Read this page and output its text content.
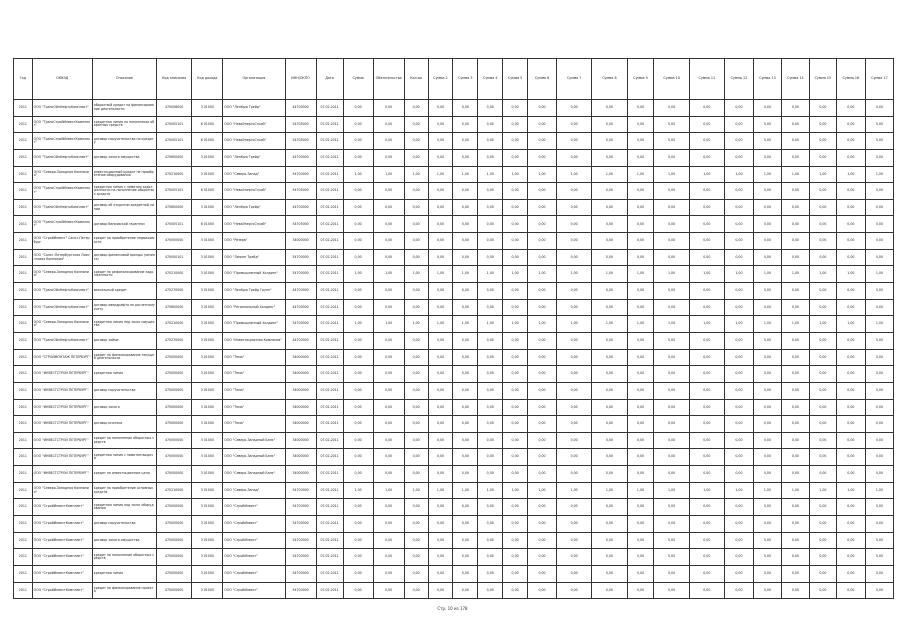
Год	ОКВЭД	Описание	Код описания	Код дохода	Организация	ИНН/ОКПО	Дата	Сумма	Обязательства	Кол-во	Сумма 2	Сумма 3	Сумма 4	Сумма 5	Сумма 6	Сумма 7	Сумма 8	Сумма 9	Сумма 10	Сумма 11	Сумма 12	Сумма 13	Сумма 14	Сумма 15	Сумма 16	Сумма 17
2011	ООО "ТрансОйлНефтьКомплект"	оборотный кредит на финансирование деятельности	470006000	3 01000	ООО "ЛенКрю Трейд"	44700000	07.02.2011	0,00	0,00	0,00	0,00	0,00	0,00	0,00	0,00	0,00	0,00	0,00	0,00	0,00	0,00	0,00	0,00	0,00	0,00	0,00
2011	ООО "ТрансСтройИнвестКомплект"	кредитная линия на пополнение оборотных средств	470005101	6 01000	ООО "НеваЭнергоСтрой"	54705000	07.02.2011	0,00	0,00	0,00	0,00	0,00	0,00	0,00	0,00	0,00	0,00	0,00	0,00	0,00	0,00	0,00	0,00	0,00	0,00	0,00
2011	ООО "ТрансСтройИнвестКомплект"	договор поручительства по кредиту	470005101	6 01000	ООО "НеваЭнергоСтрой"	54705000	07.02.2011	0,00	0,00	0,00	0,00	0,00	0,00	0,00	0,00	0,00	0,00	0,00	0,00	0,00	0,00	0,00	0,00	0,00	0,00	0,00
2011	ООО "ТрансОйлНефтьКомплект"	договор залога имущества	470600000	3 01000	ООО "ЛенКрю Трейд"	44700000	07.02.2011	0,00	0,00	0,00	0,00	0,00	0,00	0,00	0,00	0,00	0,00	0,00	0,00	0,00	0,00	0,00	0,00	0,00	0,00	0,00
2011	ООО "Северо-Западная Компания"	инвестиционный кредит на приобретение оборудования	470210000	3 01000	ООО "Северо-Запад"	54700000	07.02.2011	1,00	1,00	1,00	1,00	1,00	1,00	1,00	1,00	1,00	1,00	1,00	1,00	1,00	1,00	1,00	1,00	1,00	1,00	1,00
2011	ООО "ТрансСтройИнвестКомплект"	кредитная линия с лимитом задолженности на пополнение оборотных средств	470005101	6 01000	ООО "НеваЭнергоСтрой"	54705000	07.02.2011	0,00	0,00	0,00	0,00	0,00	0,00	0,00	0,00	0,00	0,00	0,00	0,00	0,00	0,00	0,00	0,00	0,00	0,00	0,00
2011	ООО "ТрансОйлНефтьКомплект"	договор об открытии кредитной линии	470600000	3 01000	ООО "ЛенКрю Трейд"	44700000	07.02.2011	0,00	0,00	0,00	0,00	0,00	0,00	0,00	0,00	0,00	0,00	0,00	0,00	0,00	0,00	0,00	0,00	0,00	0,00	0,00
2011	ООО "ТрансСтройИнвестКомплект"	договор банковской гарантии	470005101	6 01000	ООО "НеваЭнергоСтрой"	54705000	07.02.2011	0,00	0,00	0,00	0,00	0,00	0,00	0,00	0,00	0,00	0,00	0,00	0,00	0,00	0,00	0,00	0,00	0,00	0,00	0,00
2011	ООО "СтройИнвест" Санкт-Петербург	кредит на приобретение недвижимости	470000000	3 01000	ООО "Резерв"	34000000	07.02.2011	0,00	0,00	0,00	0,00	0,00	0,00	0,00	0,00	0,00	0,00	0,00	0,00	0,00	0,00	0,00	0,00	0,00	0,00	0,00
2011	ООО "Санкт-Петербургская Лизинговая Компания"	договор финансовой аренды (лизинга)	470000101	3 01000	ООО "Лизинг Трейд"	54700000	07.02.2011	0,00	0,00	0,00	0,00	0,00	0,00	0,00	0,00	0,00	0,00	0,00	0,00	0,00	0,00	0,00	0,00	0,00	0,00	0,00
2011	ООО "Северо-Западная Компания"	кредит на рефинансирование задолженности	470210000	3 01000	ООО "Промышленный Холдинг"	54700000	07.02.2011	1,00	1,00	1,00	1,00	1,00	1,00	1,00	1,00	1,00	1,00	1,00	1,00	1,00	1,00	1,00	1,00	1,00	1,00	1,00
2011	ООО "ТрансОйлНефтьКомплект"	вексельный кредит	470270000	3 01000	ООО "ЛенКрю Трейд Групп"	44700000	07.02.2011	0,00	0,00	0,00	0,00	0,00	0,00	0,00	0,00	0,00	0,00	0,00	0,00	0,00	0,00	0,00	0,00	0,00	0,00	0,00
2011	ООО "ТрансОйлНефтьКомплект"	договор овердрафта по расчетному счету	470600000	3 01000	ООО "Региональный Холдинг"	44700000	07.02.2011	0,00	0,00	0,00	0,00	0,00	0,00	0,00	0,00	0,00	0,00	0,00	0,00	0,00	0,00	0,00	0,00	0,00	0,00	0,00
2011	ООО "Северо-Западная Компания"	кредитная линия под залог имущества	470210000	3 01000	ООО "Промышленный Холдинг"	54700000	07.02.2011	1,00	1,00	1,00	1,00	1,00	1,00	1,00	1,00	1,00	1,00	1,00	1,00	1,00	1,00	1,00	1,00	1,00	1,00	1,00
2011	ООО "ТрансОйлНефтьКомплект"	договор займа	470270000	3 01000	ООО "Инвестиционная Компания"	44700000	07.02.2011	0,00	0,00	0,00	0,00	0,00	0,00	0,00	0,00	0,00	0,00	0,00	0,00	0,00	0,00	0,00	0,00	0,00	0,00	0,00
2011	ООО "СТРОЙМОНТАЖ ПЕТЕРБУРГ"	кредит на финансирование текущей деятельности	470000000	3 01000	ООО "Тема"	34000000	07.02.2011	0,00	0,00	0,00	0,00	0,00	0,00	0,00	0,00	0,00	0,00	0,00	0,00	0,00	0,00	0,00	0,00	0,00	0,00	0,00
2011	ООО "ИНВЕСТСТРОЙ ПЕТЕРБУРГ"	кредитная линия	470000000	3 01000	ООО "Тема"	34000000	07.02.2011	0,00	0,00	0,00	0,00	0,00	0,00	0,00	0,00	0,00	0,00	0,00	0,00	0,00	0,00	0,00	0,00	0,00	0,00	0,00
2011	ООО "ИНВЕСТСТРОЙ ПЕТЕРБУРГ"	договор поручительства	470000000	3 01000	ООО "Тема"	34000000	07.02.2011	0,00	0,00	0,00	0,00	0,00	0,00	0,00	0,00	0,00	0,00	0,00	0,00	0,00	0,00	0,00	0,00	0,00	0,00	0,00
2011	ООО "ИНВЕСТСТРОЙ ПЕТЕРБУРГ"	договор залога	470000000	3 01000	ООО "Тема"	34000000	07.02.2011	0,00	0,00	0,00	0,00	0,00	0,00	0,00	0,00	0,00	0,00	0,00	0,00	0,00	0,00	0,00	0,00	0,00	0,00	0,00
2011	ООО "ИНВЕСТСТРОЙ ПЕТЕРБУРГ"	договор ипотеки	470000000	3 01000	ООО "Тема"	34000000	07.02.2011	0,00	0,00	0,00	0,00	0,00	0,00	0,00	0,00	0,00	0,00	0,00	0,00	0,00	0,00	0,00	0,00	0,00	0,00	0,00
2011	ООО "ИНВЕСТСТРОЙ ПЕТЕРБУРГ"	кредит на пополнение оборотных средств	470000000	3 01000	ООО "Северо-Западный Банк"	34000000	07.02.2011	0,00	0,00	0,00	0,00	0,00	0,00	0,00	0,00	0,00	0,00	0,00	0,00	0,00	0,00	0,00	0,00	0,00	0,00	0,00
2011	ООО "ИНВЕСТСТРОЙ ПЕТЕРБУРГ"	кредитная линия с лимитом выдачи	470000000	3 01000	ООО "Северо-Западный Банк"	34000000	07.02.2011	0,00	0,00	0,00	0,00	0,00	0,00	0,00	0,00	0,00	0,00	0,00	0,00	0,00	0,00	0,00	0,00	0,00	0,00	0,00
2011	ООО "ИНВЕСТСТРОЙ ПЕТЕРБУРГ"	кредит на инвестиционные цели	470000000	3 01000	ООО "Северо-Западный Банк"	34000000	07.02.2011	0,00	0,00	0,00	0,00	0,00	0,00	0,00	0,00	0,00	0,00	0,00	0,00	0,00	0,00	0,00	0,00	0,00	0,00	0,00
2011	ООО "Северо-Западная Компания"	кредит на приобретение основных средств	470210000	3 01000	ООО "Северо-Запад"	54700000	07.02.2011	1,00	1,00	1,00	1,00	1,00	1,00	1,00	1,00	1,00	1,00	1,00	1,00	1,00	1,00	1,00	1,00	1,00	1,00	1,00
2011	ООО "СтройИнвестКомплект"	кредитная линия под залог оборудования	470000000	3 01000	ООО "СтройИнвест"	54700000	07.02.2011	0,00	0,00	0,00	0,00	0,00	0,00	0,00	0,00	0,00	0,00	0,00	0,00	0,00	0,00	0,00	0,00	0,00	0,00	0,00
2011	ООО "СтройИнвестКомплект"	договор поручительства	470000000	3 01000	ООО "СтройИнвест"	54700000	07.02.2011	0,00	0,00	0,00	0,00	0,00	0,00	0,00	0,00	0,00	0,00	0,00	0,00	0,00	0,00	0,00	0,00	0,00	0,00	0,00
2011	ООО "СтройИнвестКомплект"	договор залога имущества	470000000	3 01000	ООО "СтройИнвест"	54700000	07.02.2011	0,00	0,00	0,00	0,00	0,00	0,00	0,00	0,00	0,00	0,00	0,00	0,00	0,00	0,00	0,00	0,00	0,00	0,00	0,00
2011	ООО "СтройИнвестКомплект"	кредит на пополнение оборотных средств	470000000	3 01000	ООО "СтройИнвест"	54700000	07.02.2011	0,00	0,00	0,00	0,00	0,00	0,00	0,00	0,00	0,00	0,00	0,00	0,00	0,00	0,00	0,00	0,00	0,00	0,00	0,00
2011	ООО "СтройИнвестКомплект"	кредитная линия	470000000	3 01000	ООО "СтройИнвест"	54700000	07.02.2011	0,00	0,00	0,00	0,00	0,00	0,00	0,00	0,00	0,00	0,00	0,00	0,00	0,00	0,00	0,00	0,00	0,00	0,00	0,00
2011	ООО "СтройИнвестКомплект"	кредит на финансирование проекта	470000000	3 01000	ООО "СтройИнвест"	54700000	07.02.2011	0,00	0,00	0,00	0,00	0,00	0,00	0,00	0,00	0,00	0,00	0,00	0,00	0,00	0,00	0,00	0,00	0,00	0,00	0,00
Стр. 10 из 178
